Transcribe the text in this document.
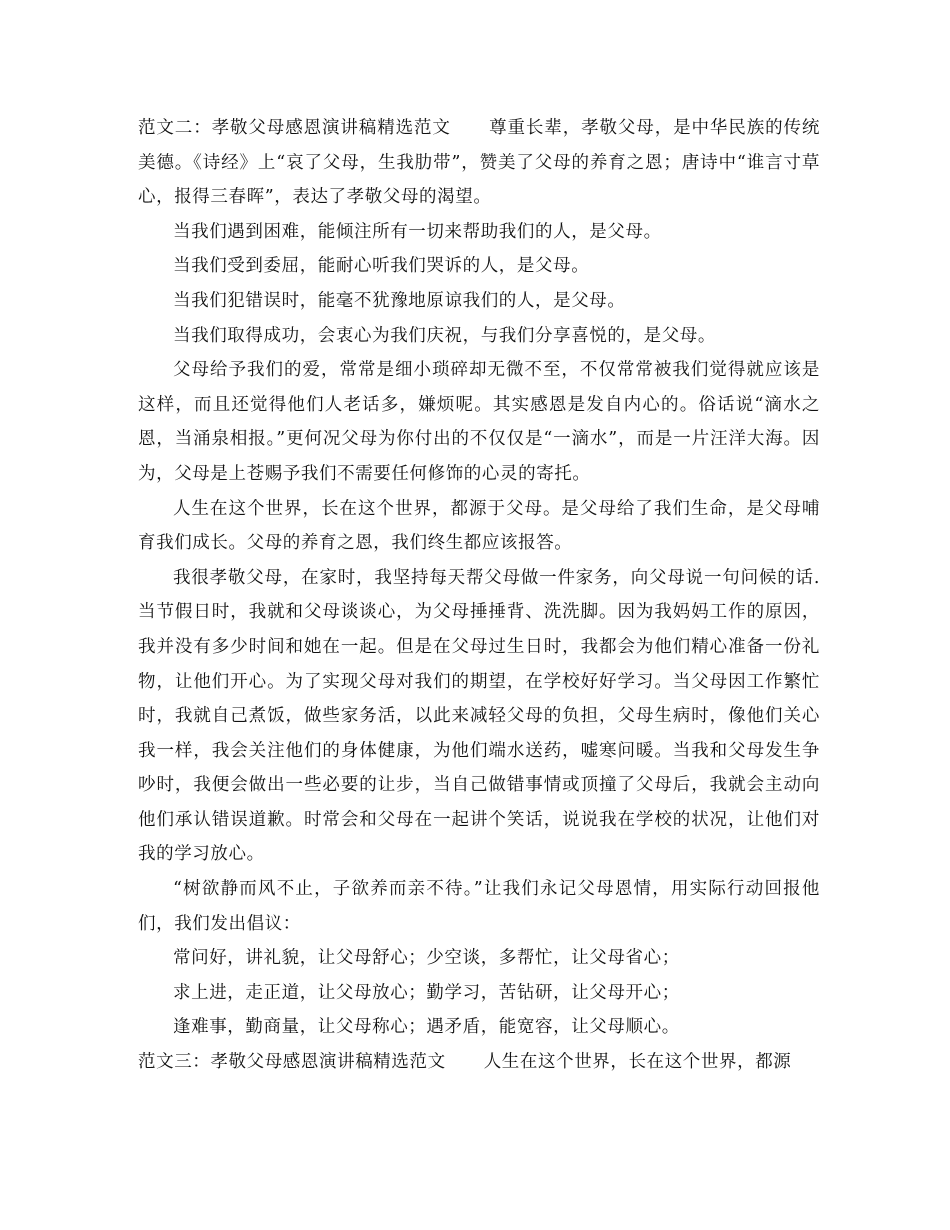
范文二：孝敬父母感恩演讲稿精选范文 尊重长辈，孝敬父母，是中华民族的传统美德。《诗经》上“哀了父母，生我肋带”，赞美了父母的养育之恩；唐诗中“谁言寸草心，报得三春晖”，表达了孝敬父母的渴望。

当我们遇到困难，能倾注所有一切来帮助我们的人，是父母。

当我们受到委屈，能耐心听我们哭诉的人，是父母。

当我们犯错误时，能毫不犹豫地原谅我们的人，是父母。

当我们取得成功，会衷心为我们庆祝，与我们分享喜悦的，是父母。

父母给予我们的爱，常常是细小琐碎却无微不至，不仅常常被我们觉得就应该是这样，而且还觉得他们人老话多，嫌烦呢。其实感恩是发自内心的。俗话说“滴水之恩，当涌泉相报。”更何况父母为你付出的不仅仅是“一滴水”，而是一片汪洋大海。因为，父母是上苍赐予我们不需要任何修饰的心灵的寄托。

人生在这个世界，长在这个世界，都源于父母。是父母给了我们生命，是父母哺育我们成长。父母的养育之恩，我们终生都应该报答。

我很孝敬父母，在家时，我坚持每天帮父母做一件家务，向父母说一句问候的话. 当节假日时，我就和父母谈谈心，为父母捶捶背、洗洗脚。因为我妈妈工作的原因，我并没有多少时间和她在一起。但是在父母过生日时，我都会为他们精心准备一份礼物，让他们开心。为了实现父母对我们的期望，在学校好好学习。当父母因工作繁忙时，我就自己煮饭，做些家务活，以此来减轻父母的负担，父母生病时，像他们关心我一样，我会关注他们的身体健康，为他们端水送药，嘘寒问暖。当我和父母发生争吵时，我便会做出一些必要的让步，当自己做错事情或顶撞了父母后，我就会主动向他们承认错误道歉。时常会和父母在一起讲个笑话，说说我在学校的状况，让他们对我的学习放心。

“树欲静而风不止，子欲养而亲不待。”让我们永记父母恩情，用实际行动回报他们，我们发出倡议：

常问好，讲礼貌，让父母舒心；少空谈，多帮忙，让父母省心；

求上进，走正道，让父母放心；勤学习，苦钻研，让父母开心；

逢难事，勤商量，让父母称心；遇矛盾，能宽容，让父母顺心。

范文三：孝敬父母感恩演讲稿精选范文 人生在这个世界，长在这个世界，都源
